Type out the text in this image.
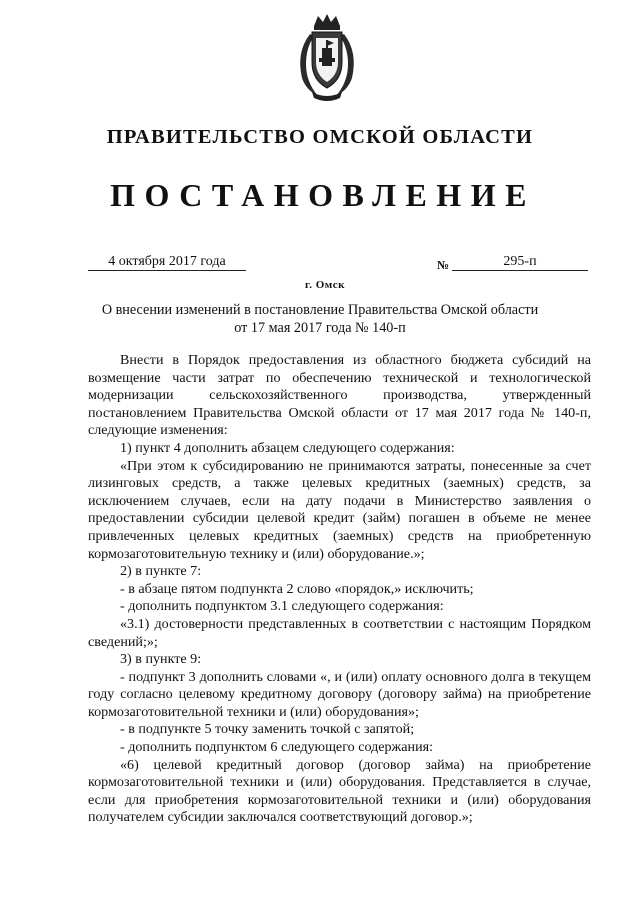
ПРАВИТЕЛЬСТВО ОМСКОЙ ОБЛАСТИ
ПОСТАНОВЛЕНИЕ
4 октября 2017 года	№	295-п
г. Омск
О внесении изменений в постановление Правительства Омской области
от 17 мая 2017 года № 140-п

Внести в Порядок предоставления из областного бюджета субсидий на возмещение части затрат по обеспечению технической и технологической модернизации сельскохозяйственного производства, утвержденный постановлением Правительства Омской области от 17 мая 2017 года № 140-п, следующие изменения:

1) пункт 4 дополнить абзацем следующего содержания:

«При этом к субсидированию не принимаются затраты, понесенные за счет лизинговых средств, а также целевых кредитных (заемных) средств, за исключением случаев, если на дату подачи в Министерство заявления о предоставлении субсидии целевой кредит (займ) погашен в объеме не менее привлеченных целевых кредитных (заемных) средств на приобретенную кормозаготовительную технику и (или) оборудование.»;

2) в пункте 7:

- в абзаце пятом подпункта 2 слово «порядок,» исключить;

- дополнить подпунктом 3.1 следующего содержания:

«3.1) достоверности представленных в соответствии с настоящим Порядком сведений;»;

3) в пункте 9:

- подпункт 3 дополнить словами «, и (или) оплату основного долга в текущем году согласно целевому кредитному договору (договору займа) на приобретение кормозаготовительной техники и (или) оборудования»;

- в подпункте 5 точку заменить точкой с запятой;

- дополнить подпунктом 6 следующего содержания:

«6) целевой кредитный договор (договор займа) на приобретение кормозаготовительной техники и (или) оборудования. Представляется в случае, если для приобретения кормозаготовительной техники и (или) оборудования получателем субсидии заключался соответствующий договор.»;
